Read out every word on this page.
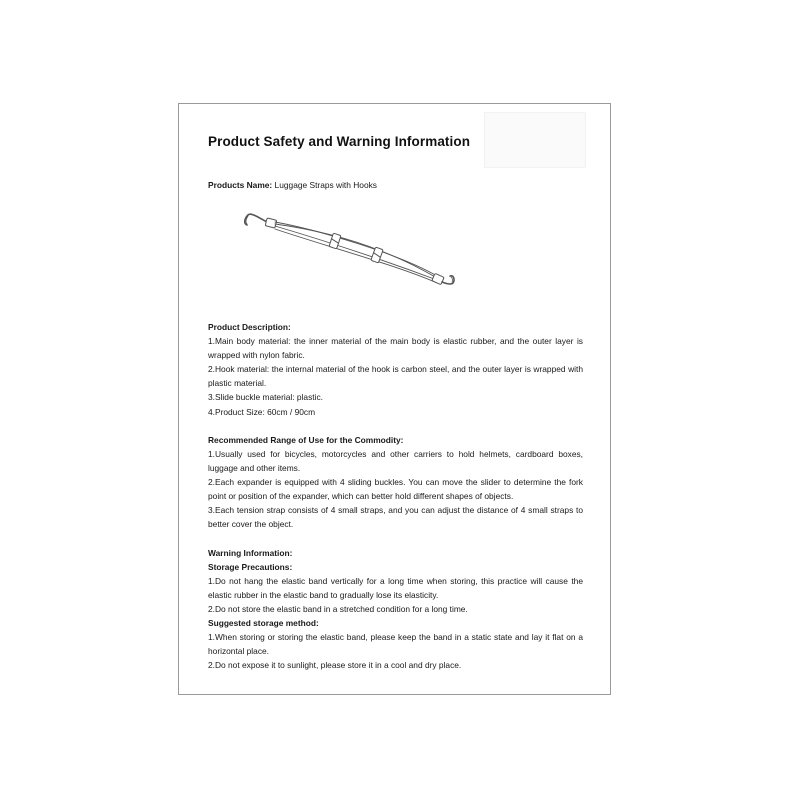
Product Safety and Warning Information
Products Name: Luggage Straps with Hooks

Product Description:

1.Main body material: the inner material of the main body is elastic rubber, and the outer layer is wrapped with nylon fabric.

2.Hook material: the internal material of the hook is carbon steel, and the outer layer is wrapped with plastic material.

3.Slide buckle material: plastic.

4.Product Size: 60cm / 90cm

Recommended Range of Use for the Commodity:

1.Usually used for bicycles, motorcycles and other carriers to hold helmets, cardboard boxes, luggage and other items.

2.Each expander is equipped with 4 sliding buckles. You can move the slider to determine the fork point or position of the expander, which can better hold different shapes of objects.

3.Each tension strap consists of 4 small straps, and you can adjust the distance of 4 small straps to better cover the object.

Warning Information:

Storage Precautions:

1.Do not hang the elastic band vertically for a long time when storing, this practice will cause the elastic rubber in the elastic band to gradually lose its elasticity.

2.Do not store the elastic band in a stretched condition for a long time.

Suggested storage method:

1.When storing or storing the elastic band, please keep the band in a static state and lay it flat on a horizontal place.

2.Do not expose it to sunlight, please store it in a cool and dry place.
